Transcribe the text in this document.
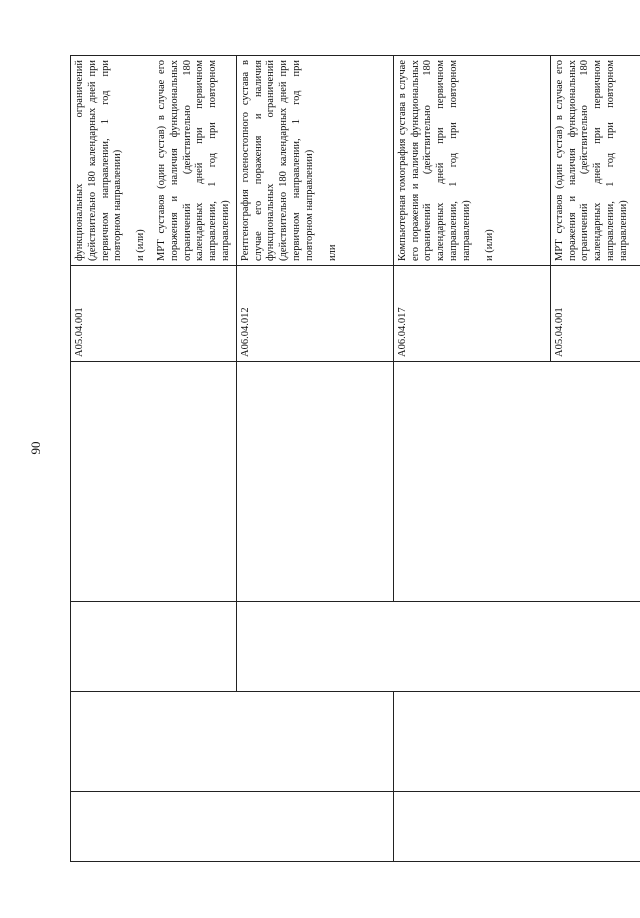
90
				A05.04.001	функциональных ограничений (действительно 180 календарных дней при первичном направлении, 1 год при повторном направлении) и (или) МРТ суставов (один сустав) в случае его поражения и наличия функциональных ограничений (действительно 180 календарных дней при первичном направлении, 1 год при повторном направлении)

				A06.04.012	Рентгенография голеностопного сустава в случае его поражения и наличия функциональных ограничений (действительно 180 календарных дней при первичном направлении, 1 год при повторном направлении) или

				A06.04.017	Компьютерная томография сустава в случае его поражения и наличия функциональных ограничений (действительно 180 календарных дней при первичном направлении, 1 год при повторном направлении) и (или)

				A05.04.001	МРТ суставов (один сустав) в случае его поражения и наличия функциональных ограничений (действительно 180 календарных дней при первичном направлении, 1 год при повторном направлении)
